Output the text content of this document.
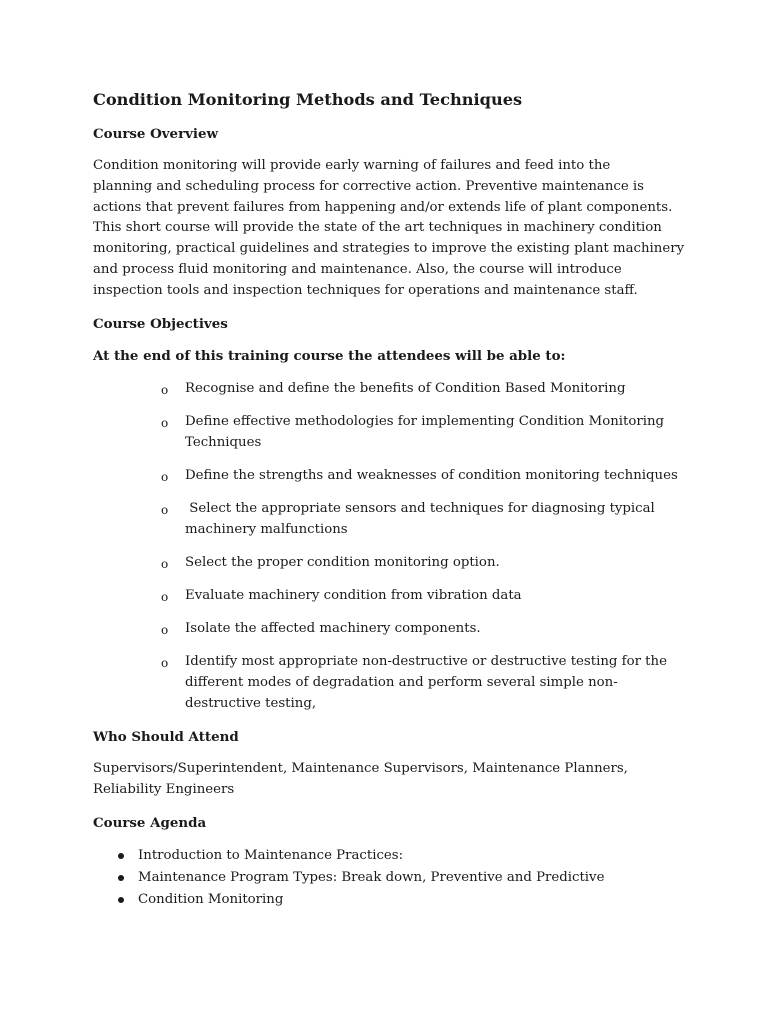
Condition Monitoring Methods and Techniques
Course Overview
Condition monitoring will provide early warning of failures and feed into the
planning and scheduling process for corrective action. Preventive maintenance is
actions that prevent failures from happening and/or extends life of plant components.
This short course will provide the state of the art techniques in machinery condition
monitoring, practical guidelines and strategies to improve the existing plant machinery
and process fluid monitoring and maintenance. Also, the course will introduce
inspection tools and inspection techniques for operations and maintenance staff.
Course Objectives
At the end of this training course the attendees will be able to:
o Recognise and define the benefits of Condition Based Monitoring
o Define effective methodologies for implementing Condition Monitoring
Techniques
o Define the strengths and weaknesses of condition monitoring techniques
o Select the appropriate sensors and techniques for diagnosing typical
machinery malfunctions
o Select the proper condition monitoring option.
o Evaluate machinery condition from vibration data
o Isolate the affected machinery components.
o Identify most appropriate non-destructive or destructive testing for the
different modes of degradation and perform several simple non-
destructive testing,
Who Should Attend
Supervisors/Superintendent, Maintenance Supervisors, Maintenance Planners,
Reliability Engineers
Course Agenda
Introduction to Maintenance Practices:
Maintenance Program Types: Break down, Preventive and Predictive
Condition Monitoring
